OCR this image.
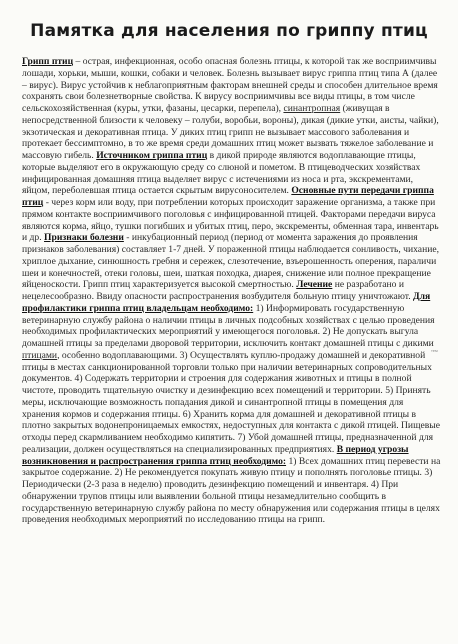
Памятка для населения по гриппу птиц

Грипп птиц – острая, инфекционная, особо опасная болезнь птицы, к которой так же восприимчивы лошади, хорьки, мыши, кошки, собаки и человек. Болезнь вызывает вирус гриппа птиц типа А (далее – вирус). Вирус устойчив к неблагоприятным факторам внешней среды и способен длительное время сохранять свои болезнетворные свойства. К вирусу восприимчивы все виды птицы, в том числе сельскохозяйственная (куры, утки, фазаны, цесарки, перепела), синантропная (живущая в непосредственной близости к человеку – голуби, воробьи, вороны), дикая (дикие утки, аисты, чайки), экзотическая и декоративная птица. У диких птиц грипп не вызывает массового заболевания и протекает бессимптомно, в то же время среди домашних птиц может вызвать тяжелое заболевание и массовую гибель. Источником гриппа птиц в дикой природе являются водоплавающие птицы, которые выделяют его в окружающую среду со слюной и пометом. В птицеводческих хозяйствах инфицированная домашняя птица выделяет вирус с истечениями из носа и рта, экскрементами, яйцом, переболевшая птица остается скрытым вирусоносителем. Основные пути передачи гриппа птиц - через корм или воду, при потреблении которых происходит заражение организма, а также при прямом контакте восприимчивого поголовья с инфицированной птицей. Факторами передачи вируса являются корма, яйцо, тушки погибших и убитых птиц, перо, экскременты, обменная тара, инвентарь и др. Признаки болезни - инкубационный период (период от момента заражения до проявления признаков заболевания) составляет 1-7 дней. У пораженной птицы наблюдается сонливость, чихание, хриплое дыхание, синюшность гребня и сережек, слезотечение, взъерошенность оперения, параличи шеи и конечностей, отеки головы, шеи, шаткая походка, диарея, снижение или полное прекращение яйценоскости. Грипп птиц характеризуется высокой смертностью. Лечение не разработано и нецелесообразно. Ввиду опасности распространения возбудителя больную птицу уничтожают. Для профилактики гриппа птиц владельцам необходимо: 1) Информировать государственную ветеринарную службу района о наличии птицы в личных подсобных хозяйствах с целью проведения необходимых профилактических мероприятий у имеющегося поголовья. 2) Не допускать выгула домашней птицы за пределами дворовой территории, исключить контакт домашней птицы с дикими птицами, особенно водоплавающими. 3) Осуществлять куплю-продажу домашней и декоративной птицы в местах санкционированной торговли только при наличии ветеринарных сопроводительных документов. 4) Содержать территории и строения для содержания животных и птицы в полной чистоте, проводить тщательную очистку и дезинфекцию всех помещений и территории. 5) Принять меры, исключающие возможность попадания дикой и синантропной птицы в помещения для хранения кормов и содержания птицы. 6) Хранить корма для домашней и декоративной птицы в плотно закрытых водонепроницаемых емкостях, недоступных для контакта с дикой птицей. Пищевые отходы перед скармливанием необходимо кипятить. 7) Убой домашней птицы, предназначенной для реализации, должен осуществляться на специализированных предприятиях. В период угрозы возникновения и распространения гриппа птиц необходимо: 1) Всех домашних птиц перевести на закрытое содержание. 2) Не рекомендуется покупать живую птицу и пополнять поголовье птицы. 3) Периодически (2-3 раза в неделю) проводить дезинфекцию помещений и инвентаря. 4) При обнаружении трупов птицы или выявлении больной птицы незамедлительно сообщить в государственную ветеринарную службу района по месту обнаружения или содержания птицы в целях проведения необходимых мероприятий по исследованию птицы на грипп.

тем
